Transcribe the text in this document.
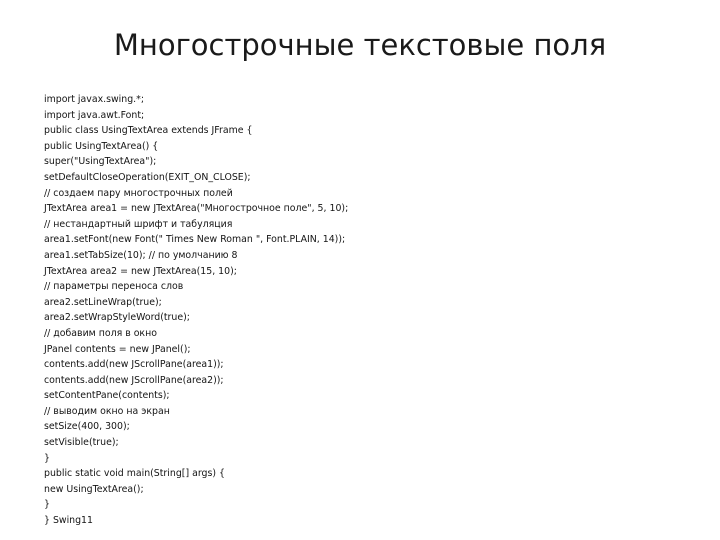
Многострочные текстовые поля
import javax.swing.*;
import java.awt.Font;
public class UsingTextArea extends JFrame {
public UsingTextArea() {
super("UsingTextArea");
setDefaultCloseOperation(EXIT_ON_CLOSE);
// создаем пару многострочных полей
JTextArea area1 = new JTextArea("Многострочное поле", 5, 10);
// нестандартный шрифт и табуляция
area1.setFont(new Font(" Times New Roman ", Font.PLAIN, 14));
area1.setTabSize(10); // по умолчанию 8
JTextArea area2 = new JTextArea(15, 10);
// параметры переноса слов
area2.setLineWrap(true);
area2.setWrapStyleWord(true);
// добавим поля в окно
JPanel contents = new JPanel();
contents.add(new JScrollPane(area1));
contents.add(new JScrollPane(area2));
setContentPane(contents);
// выводим окно на экран
setSize(400, 300);
setVisible(true);
}
public static void main(String[] args) {
new UsingTextArea();
}
} Swing11
